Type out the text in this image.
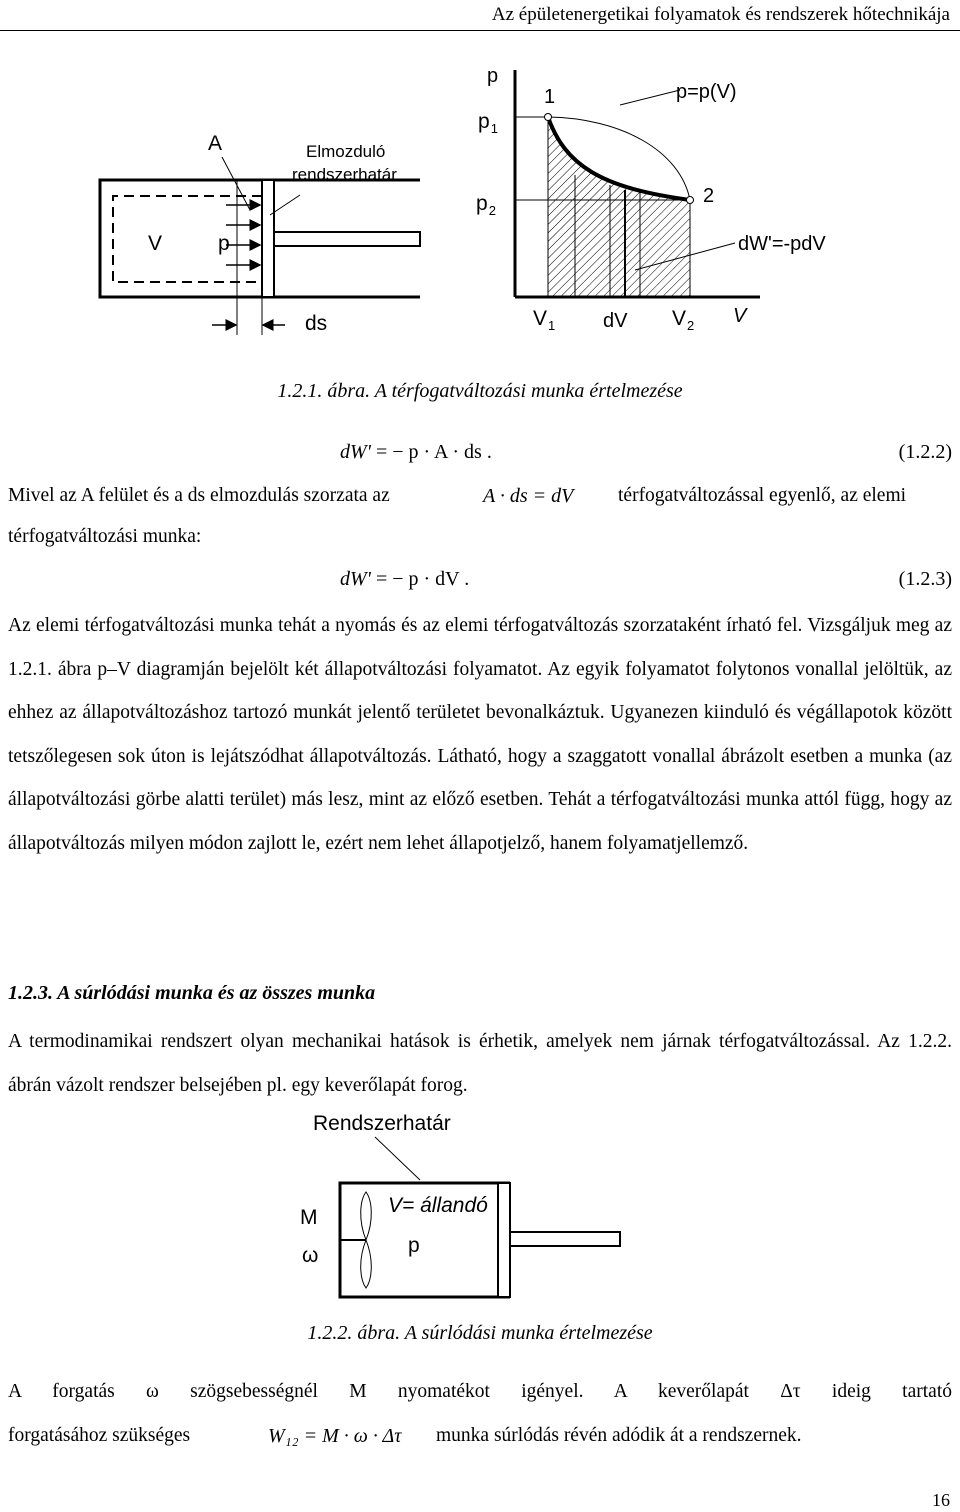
Az épületenergetikai folyamatok és rendszerek hőtechnikája
A	Elmozduló
rendszerhatár
V	p
ds
p
$p_1$
$p_2$
1
2
p=p(V)
dW'=-pdV
$V_1$ dV $V_2$ V
1.2.1. ábra. A térfogatváltozási munka értelmezése
dW' = − p · A · ds .	(1.2.2)
Mivel az A felület és a ds elmozdulás szorzata az	A · ds = dV térfogatváltozással egyenlő, az elemi
térfogatváltozási munka:
dW' = − p · dV .	(1.2.3)
Az elemi térfogatváltozási munka tehát a nyomás és az elemi térfogatváltozás szorzataként írható fel. Vizsgáljuk meg az 1.2.1. ábra p–V diagramján bejelölt két állapotváltozási folyamatot. Az egyik folyamatot folytonos vonallal jelöltük, az ehhez az állapotváltozáshoz tartozó munkát jelentő területet bevonalkáztuk. Ugyanezen kiinduló és végállapotok között tetszőlegesen sok úton is lejátszódhat állapotváltozás. Látható, hogy a szaggatott vonallal ábrázolt esetben a munka (az állapotváltozási görbe alatti terület) más lesz, mint az előző esetben. Tehát a térfogatváltozási munka attól függ, hogy az állapotváltozás milyen módon zajlott le, ezért nem lehet állapotjelző, hanem folyamatjellemző.
1.2.3. A súrlódási munka és az összes munka
A termodinamikai rendszert olyan mechanikai hatások is érhetik, amelyek nem járnak térfogatváltozással. Az 1.2.2. ábrán vázolt rendszer belsejében pl. egy keverőlapát forog.
Rendszerhatár
M
ω
V= állandó
p
1.2.2. ábra. A súrlódási munka értelmezése
A forgatás ω szögsebességnél M nyomatékot igényel. A keverőlapát Δτ ideig tartató
forgatásához szükséges	W₁₂ = M · ω · Δτ munka súrlódás révén adódik át a rendszernek.
16
